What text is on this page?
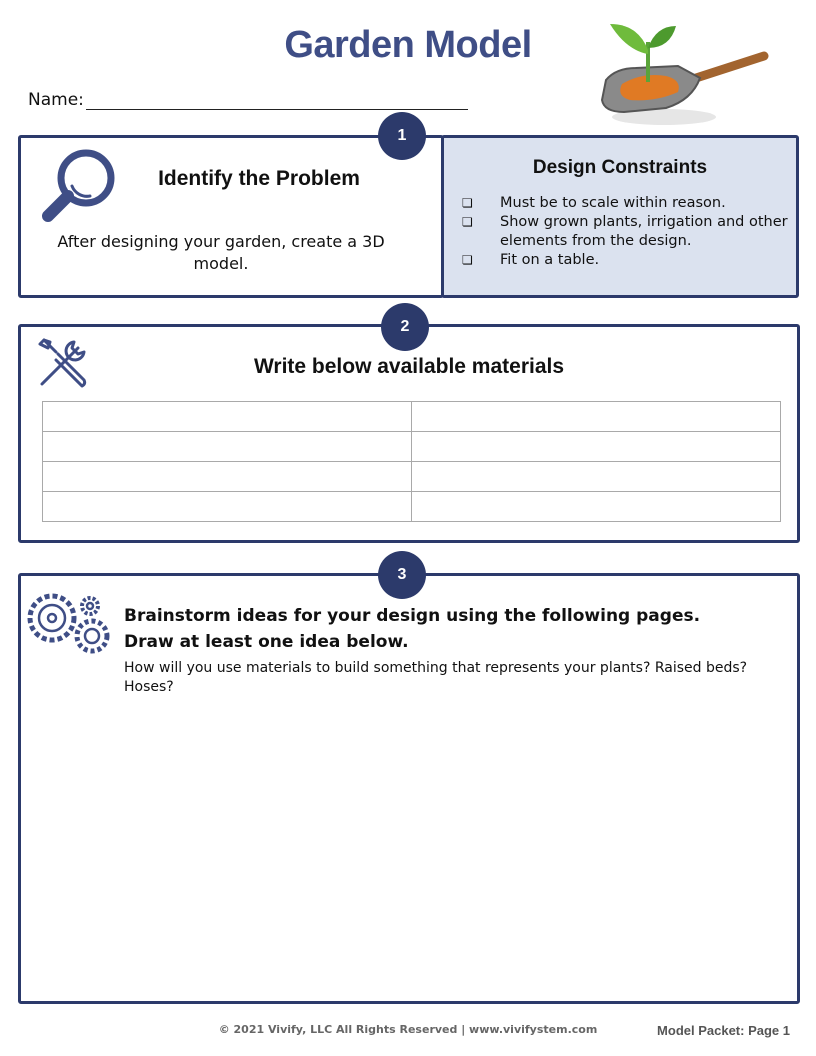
Garden Model
Name:
1
Identify the Problem
After designing your garden, create a 3D model.
Design Constraints
❏	Must be to scale within reason.
❏	Show grown plants, irrigation and other elements from the design.
❏	Fit on a table.
2
Write below available materials

3
Brainstorm ideas for your design using the following pages.
Draw at least one idea below.
How will you use materials to build something that represents your plants? Raised beds? Hoses?
© 2021 Vivify, LLC All Rights Reserved | www.vivifystem.com	Model Packet: Page 1
